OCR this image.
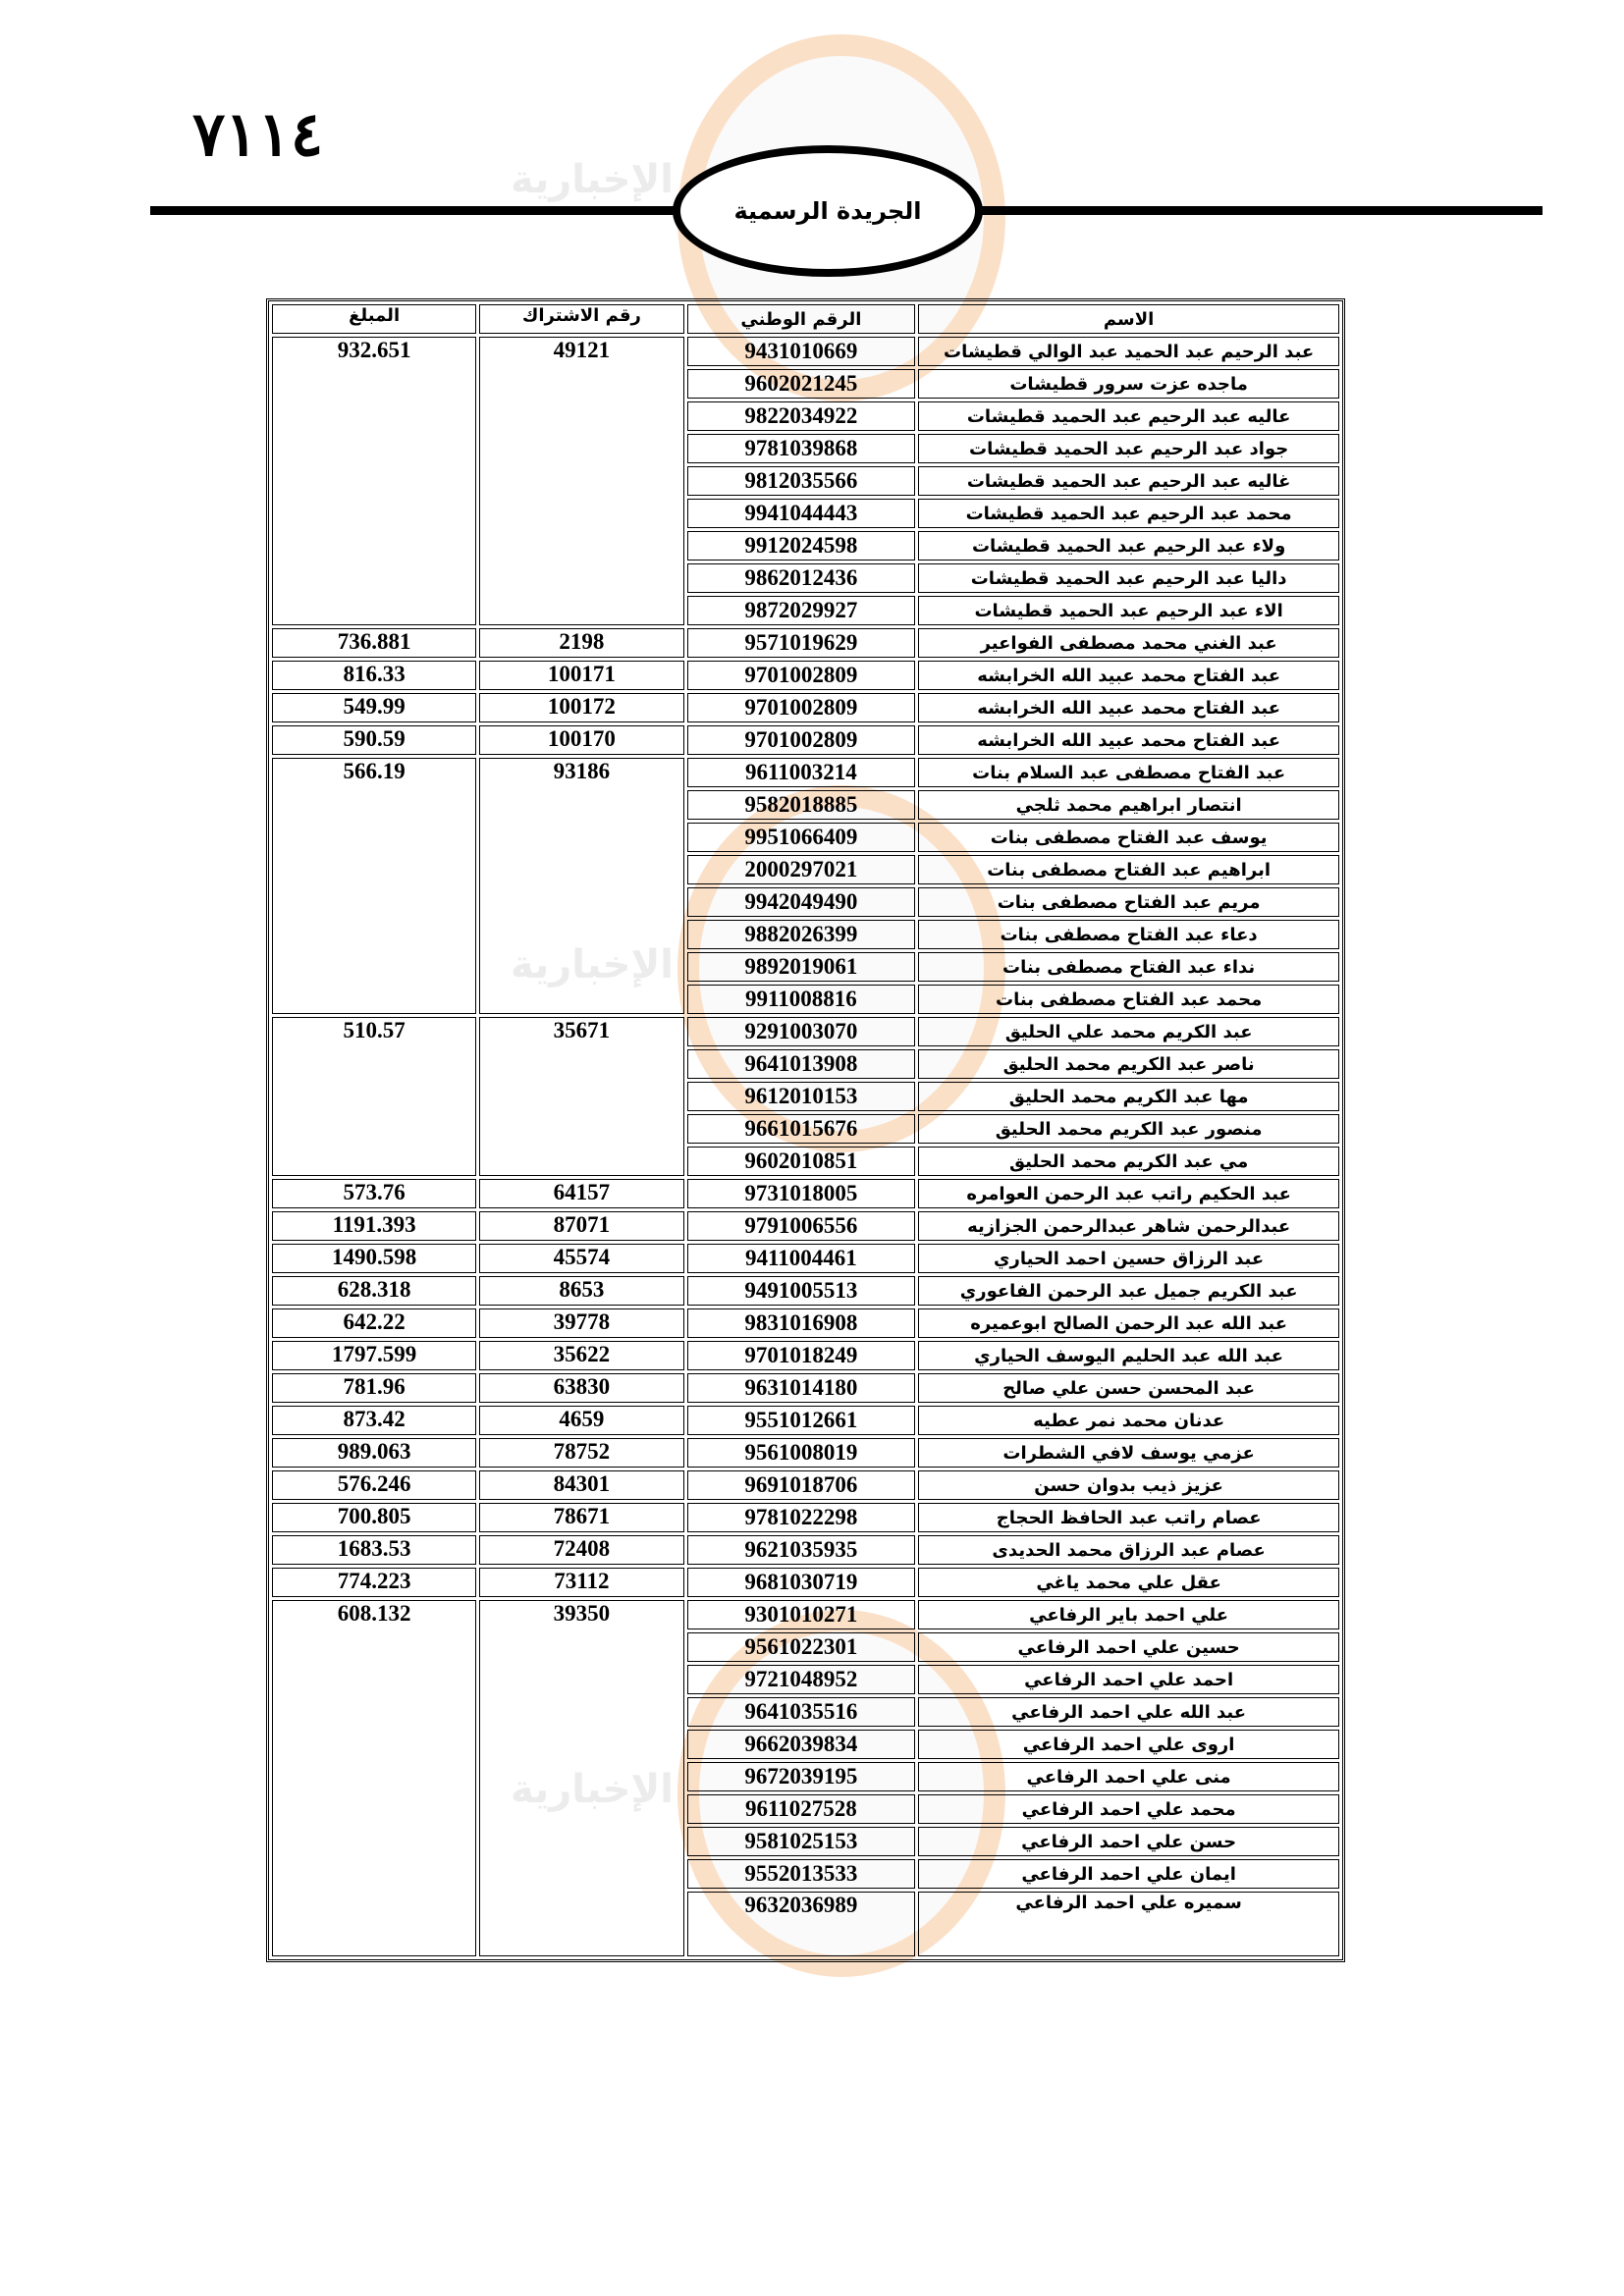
الإخبارية
الإخبارية
الإخبارية
٧١١٤
الجريدة الرسمية
الاسم	الرقم الوطني	رقم الاشتراك	المبلغ
عبد الرحيم عبد الحميد عبد الوالي قطيشات	9431010669	49121	932.651
ماجده عزت سرور قطيشات	9602021245		
عاليه عبد الرحيم عبد الحميد قطيشات	9822034922		
جواد عبد الرحيم عبد الحميد قطيشات	9781039868		
غاليه عبد الرحيم عبد الحميد قطيشات	9812035566		
محمد عبد الرحيم عبد الحميد قطيشات	9941044443		
ولاء عبد الرحيم عبد الحميد قطيشات	9912024598		
داليا عبد الرحيم عبد الحميد قطيشات	9862012436		
الاء عبد الرحيم عبد الحميد قطيشات	9872029927		
عبد الغني محمد مصطفى الفواعير	9571019629	2198	736.881
عبد الفتاح محمد عبيد الله الخرابشه	9701002809	100171	816.33
عبد الفتاح محمد عبيد الله الخرابشه	9701002809	100172	549.99
عبد الفتاح محمد عبيد الله الخرابشه	9701002809	100170	590.59
عبد الفتاح مصطفى عبد السلام بنات	9611003214	93186	566.19
انتصار ابراهيم محمد ثلجي	9582018885		
يوسف عبد الفتاح مصطفى بنات	9951066409		
ابراهيم عبد الفتاح مصطفى بنات	2000297021		
مريم عبد الفتاح مصطفى بنات	9942049490		
دعاء عبد الفتاح مصطفى بنات	9882026399		
نداء عبد الفتاح مصطفى بنات	9892019061		
محمد عبد الفتاح مصطفى بنات	9911008816		
عبد الكريم محمد علي الحليق	9291003070	35671	510.57
ناصر عبد الكريم محمد الحليق	9641013908		
مها عبد الكريم محمد الحليق	9612010153		
منصور عبد الكريم محمد الحليق	9661015676		
مي عبد الكريم محمد الحليق	9602010851		
عبد الحكيم راتب عبد الرحمن العوامره	9731018005	64157	573.76
عبدالرحمن شاهر عبدالرحمن الجزازيه	9791006556	87071	1191.393
عبد الرزاق حسين احمد الحياري	9411004461	45574	1490.598
عبد الكريم جميل عبد الرحمن الفاعوري	9491005513	8653	628.318
عبد الله عبد الرحمن الصالح ابوعميره	9831016908	39778	642.22
عبد الله عبد الحليم اليوسف الحياري	9701018249	35622	1797.599
عبد المحسن حسن علي صالح	9631014180	63830	781.96
عدنان محمد نمر عطيه	9551012661	4659	873.42
عزمي يوسف لافي الشطرات	9561008019	78752	989.063
عزيز ذيب بدوان حسن	9691018706	84301	576.246
عصام راتب عبد الحافظ الحجاج	9781022298	78671	700.805
عصام عبد الرزاق محمد الحديدى	9621035935	72408	1683.53
عقل علي محمد ياغي	9681030719	73112	774.223
علي احمد باير الرفاعي	9301010271	39350	608.132
حسين علي احمد الرفاعي	9561022301		
احمد علي احمد الرفاعي	9721048952		
عبد الله علي احمد الرفاعي	9641035516		
اروى علي احمد الرفاعي	9662039834		
منى علي احمد الرفاعي	9672039195		
محمد علي احمد الرفاعي	9611027528		
حسن علي احمد الرفاعي	9581025153		
ايمان علي احمد الرفاعي	9552013533		
سميره علي احمد الرفاعي	9632036989		
